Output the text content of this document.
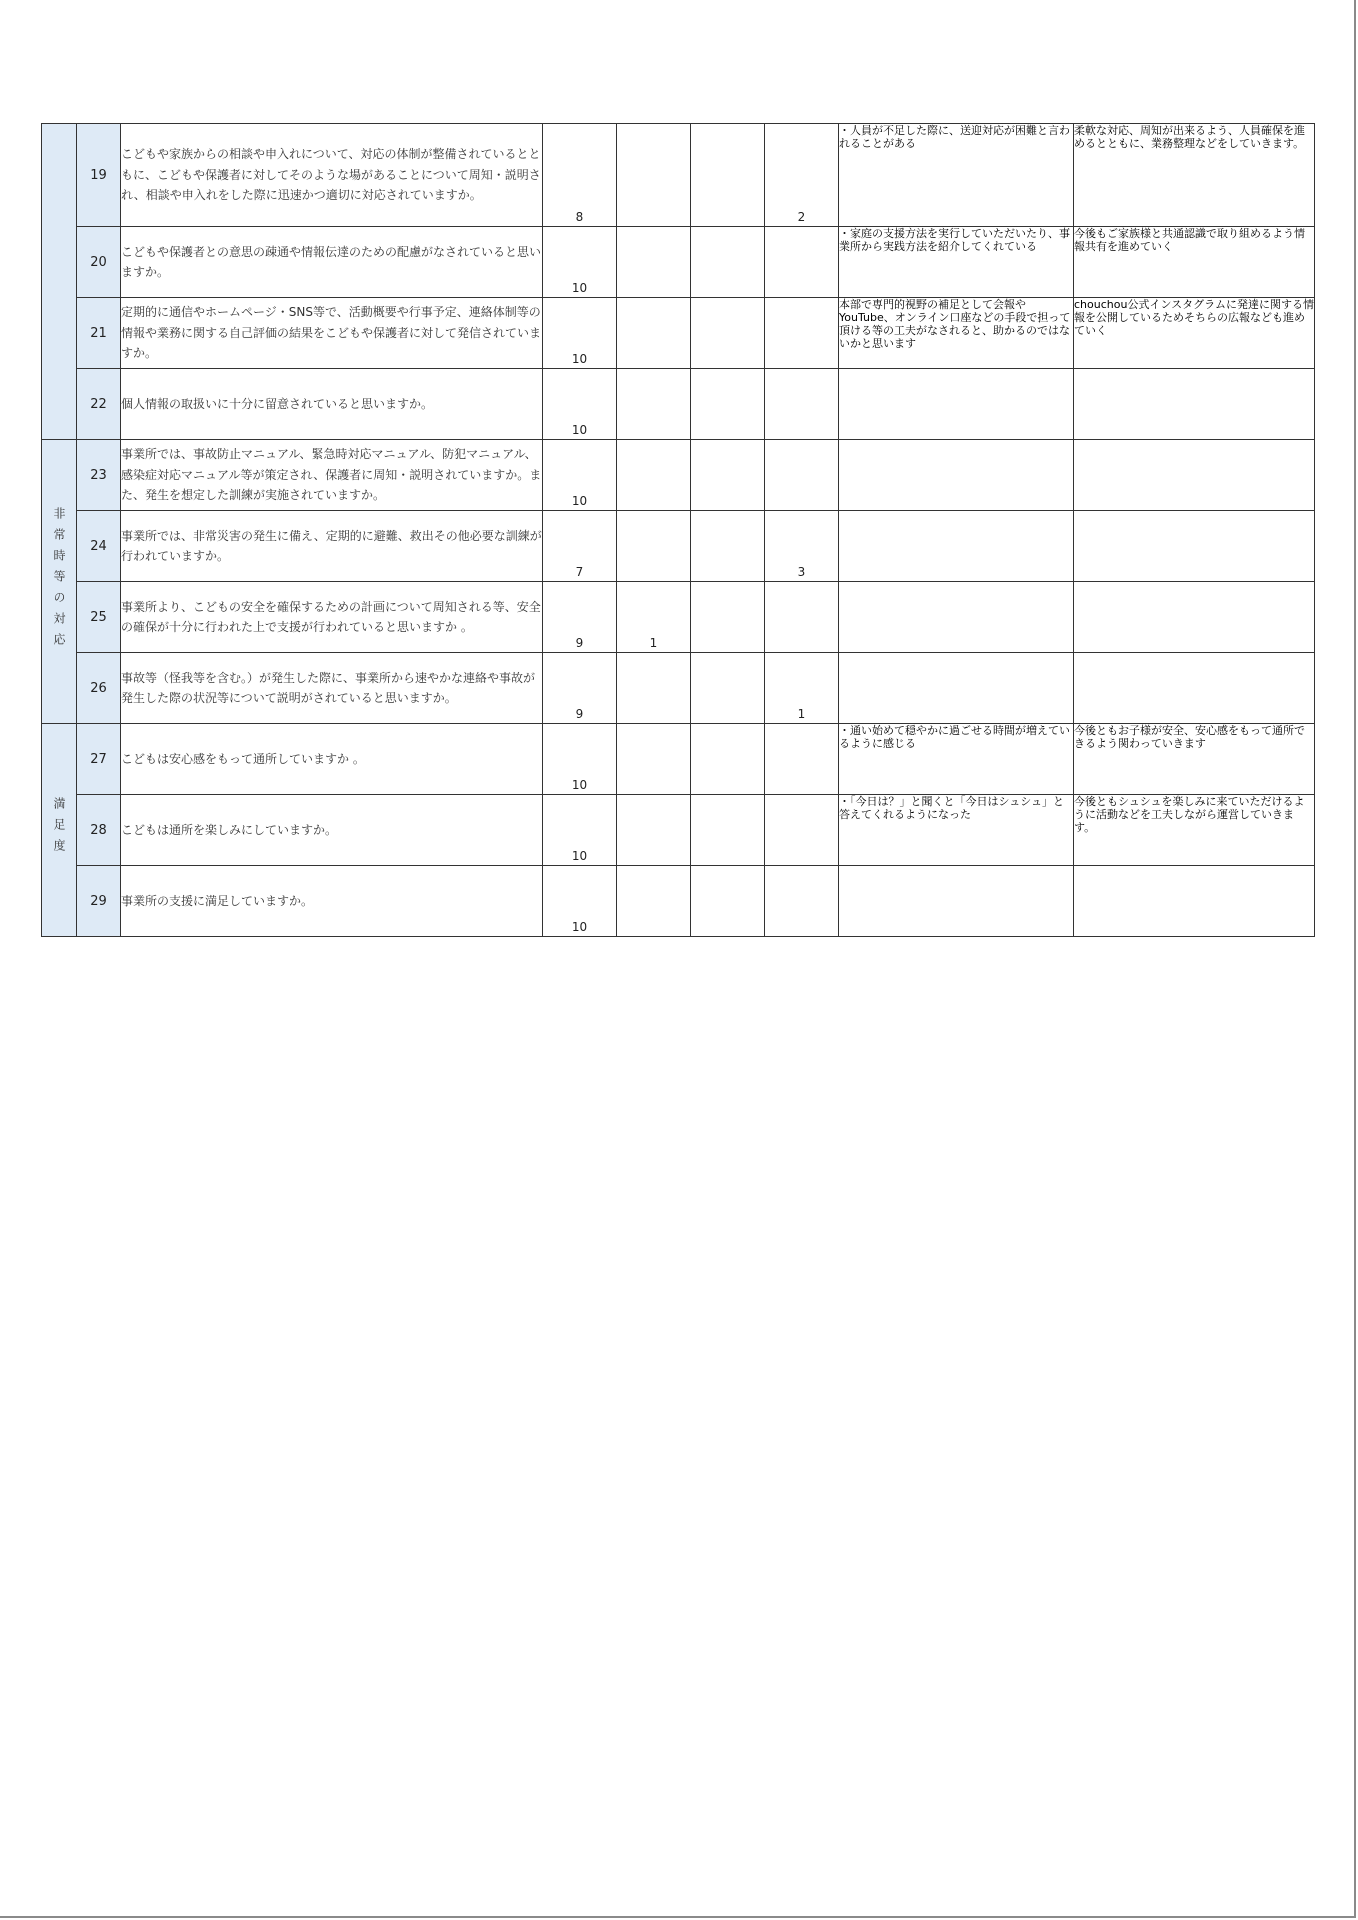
	19	こどもや家族からの相談や申入れについて、対応の体制が整備されているとともに、こどもや保護者に対してそのような場があることについて周知・説明され、相談や申入れをした際に迅速かつ適切に対応されていますか。	8			2	・人員が不足した際に、送迎対応が困難と言われることがある	柔軟な対応、周知が出来るよう、人員確保を進めるとともに、業務整理などをしていきます。
	20	こどもや保護者との意思の疎通や情報伝達のための配慮がなされていると思いますか。	10				・家庭の支援方法を実行していただいたり、事業所から実践方法を紹介してくれている	今後もご家族様と共通認識で取り組めるよう情報共有を進めていく
	21	定期的に通信やホームページ・SNS等で、活動概要や行事予定、連絡体制等の情報や業務に関する自己評価の結果をこどもや保護者に対して発信されていますか。	10				本部で専門的視野の補足として会報やYouTube、オンライン口座などの手段で担って頂ける等の工夫がなされると、助かるのではないかと思います	chouchou公式インスタグラムに発達に関する情報を公開しているためそちらの広報なども進めていく
	22	個人情報の取扱いに十分に留意されていると思いますか。	10					

非常時等の対応	23	事業所では、事故防止マニュアル、緊急時対応マニュアル、防犯マニュアル、感染症対応マニュアル等が策定され、保護者に周知・説明されていますか。また、発生を想定した訓練が実施されていますか。	10					

	24	事業所では、非常災害の発生に備え、定期的に避難、救出その他必要な訓練が行われていますか。	7			3		

	25	事業所より、こどもの安全を確保するための計画について周知される等、安全の確保が十分に行われた上で支援が行われていると思いますか 。	9	1				

	26	事故等（怪我等を含む。）が発生した際に、事業所から速やかな連絡や事故が発生した際の状況等について説明がされていると思いますか。	9			1		

満足度	27	こどもは安心感をもって通所していますか 。	10				・通い始めて穏やかに過ごせる時間が増えているように感じる	今後ともお子様が安全、安心感をもって通所できるよう関わっていきます
	28	こどもは通所を楽しみにしていますか。	10				・「今日は？」と聞くと「今日はシュシュ」と答えてくれるようになった	今後ともシュシュを楽しみに来ていただけるように活動などを工夫しながら運営していきます。
	29	事業所の支援に満足していますか。	10					
